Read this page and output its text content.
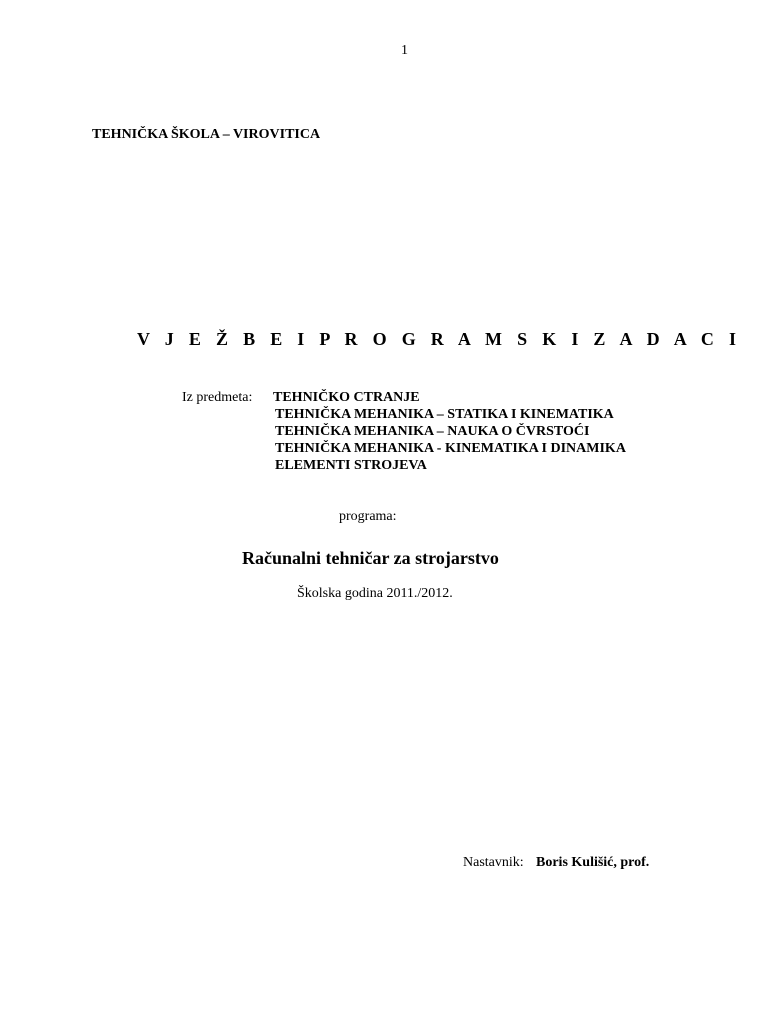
1
TEHNIČKA ŠKOLA – VIROVITICA
V J E Ž B E I P R O G R A M S K I Z A D A C I
Iz predmeta: TEHNIČKO CTRANJE
TEHNIČKA MEHANIKA – STATIKA I KINEMATIKA
TEHNIČKA MEHANIKA – NAUKA O ČVRSTOĆI
TEHNIČKA MEHANIKA - KINEMATIKA I DINAMIKA
ELEMENTI STROJEVA
programa:
Računalni tehničar za strojarstvo
Školska godina 2011./2012.
Nastavnik: Boris Kulišić, prof.
